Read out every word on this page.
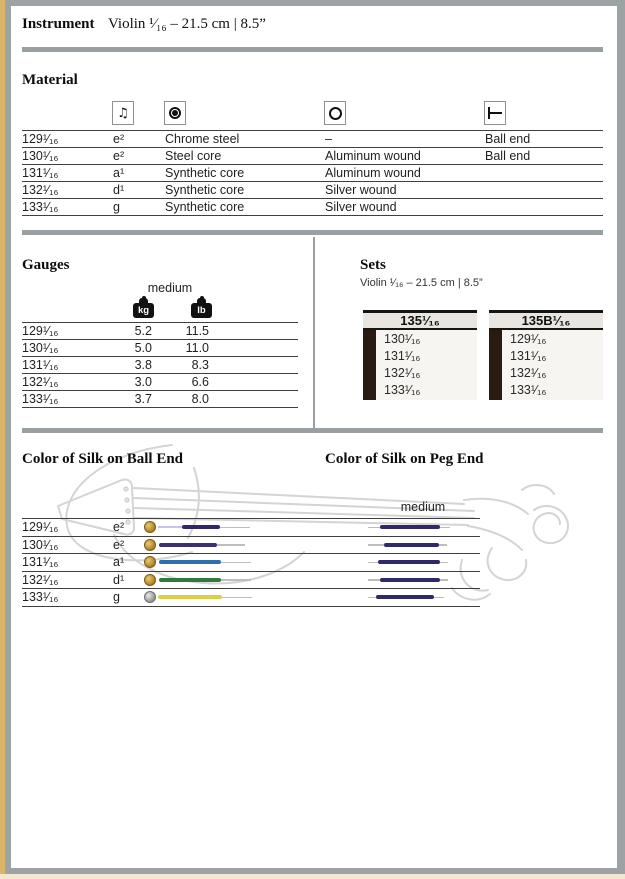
Instrument Violin ¹⁄₁₆ – 21.5 cm | 8.5”
Material
♫
129¹⁄₁₆	e²	Chrome steel	–	Ball end
130¹⁄₁₆	e²	Steel core	Aluminum wound	Ball end
131¹⁄₁₆	a¹	Synthetic core	Aluminum wound
132¹⁄₁₆	d¹	Synthetic core	Silver wound
133¹⁄₁₆	g	Synthetic core	Silver wound
Gauges
medium
kg	lb
129¹⁄₁₆	5.2	11.5
130¹⁄₁₆	5.0	11.0
131¹⁄₁₆	3.8	8.3
132¹⁄₁₆	3.0	6.6
133¹⁄₁₆	3.7	8.0
Sets
Violin ¹⁄₁₆ – 21.5 cm | 8.5”
135¹⁄₁₆
130¹⁄₁₆
131¹⁄₁₆
132¹⁄₁₆
133¹⁄₁₆
135B¹⁄₁₆
129¹⁄₁₆
131¹⁄₁₆
132¹⁄₁₆
133¹⁄₁₆
Color of Silk on Ball End	Color of Silk on Peg End
medium
129¹⁄₁₆	e²
130¹⁄₁₆	e²
131¹⁄₁₆	a¹
132¹⁄₁₆	d¹
133¹⁄₁₆	g
